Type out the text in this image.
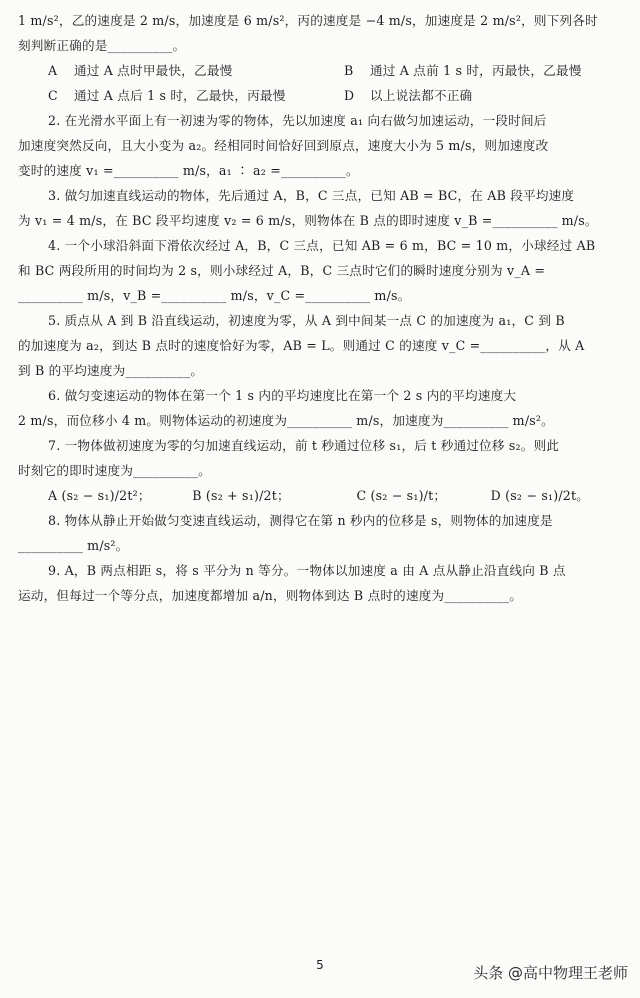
1 m/s²，乙的速度是 2 m/s，加速度是 6 m/s²，丙的速度是 −4 m/s，加速度是 2 m/s²，则下列各时
刻判断正确的是__________。
A	通过 A 点时甲最快，乙最慢	B	通过 A 点前 1 s 时，丙最快，乙最慢
C	通过 A 点后 1 s 时，乙最快，丙最慢	D	以上说法都不正确
2. 在光滑水平面上有一初速为零的物体，先以加速度 a₁ 向右做匀加速运动，一段时间后
加速度突然反向，且大小变为 a₂。经相同时间恰好回到原点，速度大小为 5 m/s，则加速度改
变时的速度 v₁ =__________ m/s，a₁ ∶ a₂ =__________。
3. 做匀加速直线运动的物体，先后通过 A，B，C 三点，已知 AB = BC，在 AB 段平均速度
为 v₁ = 4 m/s，在 BC 段平均速度 v₂ = 6 m/s，则物体在 B 点的即时速度 v_B =__________ m/s。
4. 一个小球沿斜面下滑依次经过 A，B，C 三点，已知 AB = 6 m，BC = 10 m，小球经过 AB
和 BC 两段所用的时间均为 2 s，则小球经过 A，B，C 三点时它们的瞬时速度分别为 v_A =
__________ m/s，v_B =__________ m/s，v_C =__________ m/s。
5. 质点从 A 到 B 沿直线运动，初速度为零，从 A 到中间某一点 C 的加速度为 a₁，C 到 B
的加速度为 a₂，到达 B 点时的速度恰好为零，AB = L。则通过 C 的速度 v_C =__________，从 A
到 B 的平均速度为__________。
6. 做匀变速运动的物体在第一个 1 s 内的平均速度比在第一个 2 s 内的平均速度大
2 m/s，而位移小 4 m。则物体运动的初速度为__________ m/s，加速度为__________ m/s²。
7. 一物体做初速度为零的匀加速直线运动，前 t 秒通过位移 s₁，后 t 秒通过位移 s₂。则此
时刻它的即时速度为__________。
A (s₂ − s₁)/2t²；	B (s₂ + s₁)/2t；	C (s₂ − s₁)/t；	D (s₂ − s₁)/2t。
8. 物体从静止开始做匀变速直线运动，测得它在第 n 秒内的位移是 s，则物体的加速度是
__________ m/s²。
9. A，B 两点相距 s，将 s 平分为 n 等分。一物体以加速度 a 由 A 点从静止沿直线向 B 点
运动，但每过一个等分点，加速度都增加 a/n，则物体到达 B 点时的速度为__________。
5	头条 @高中物理王老师
